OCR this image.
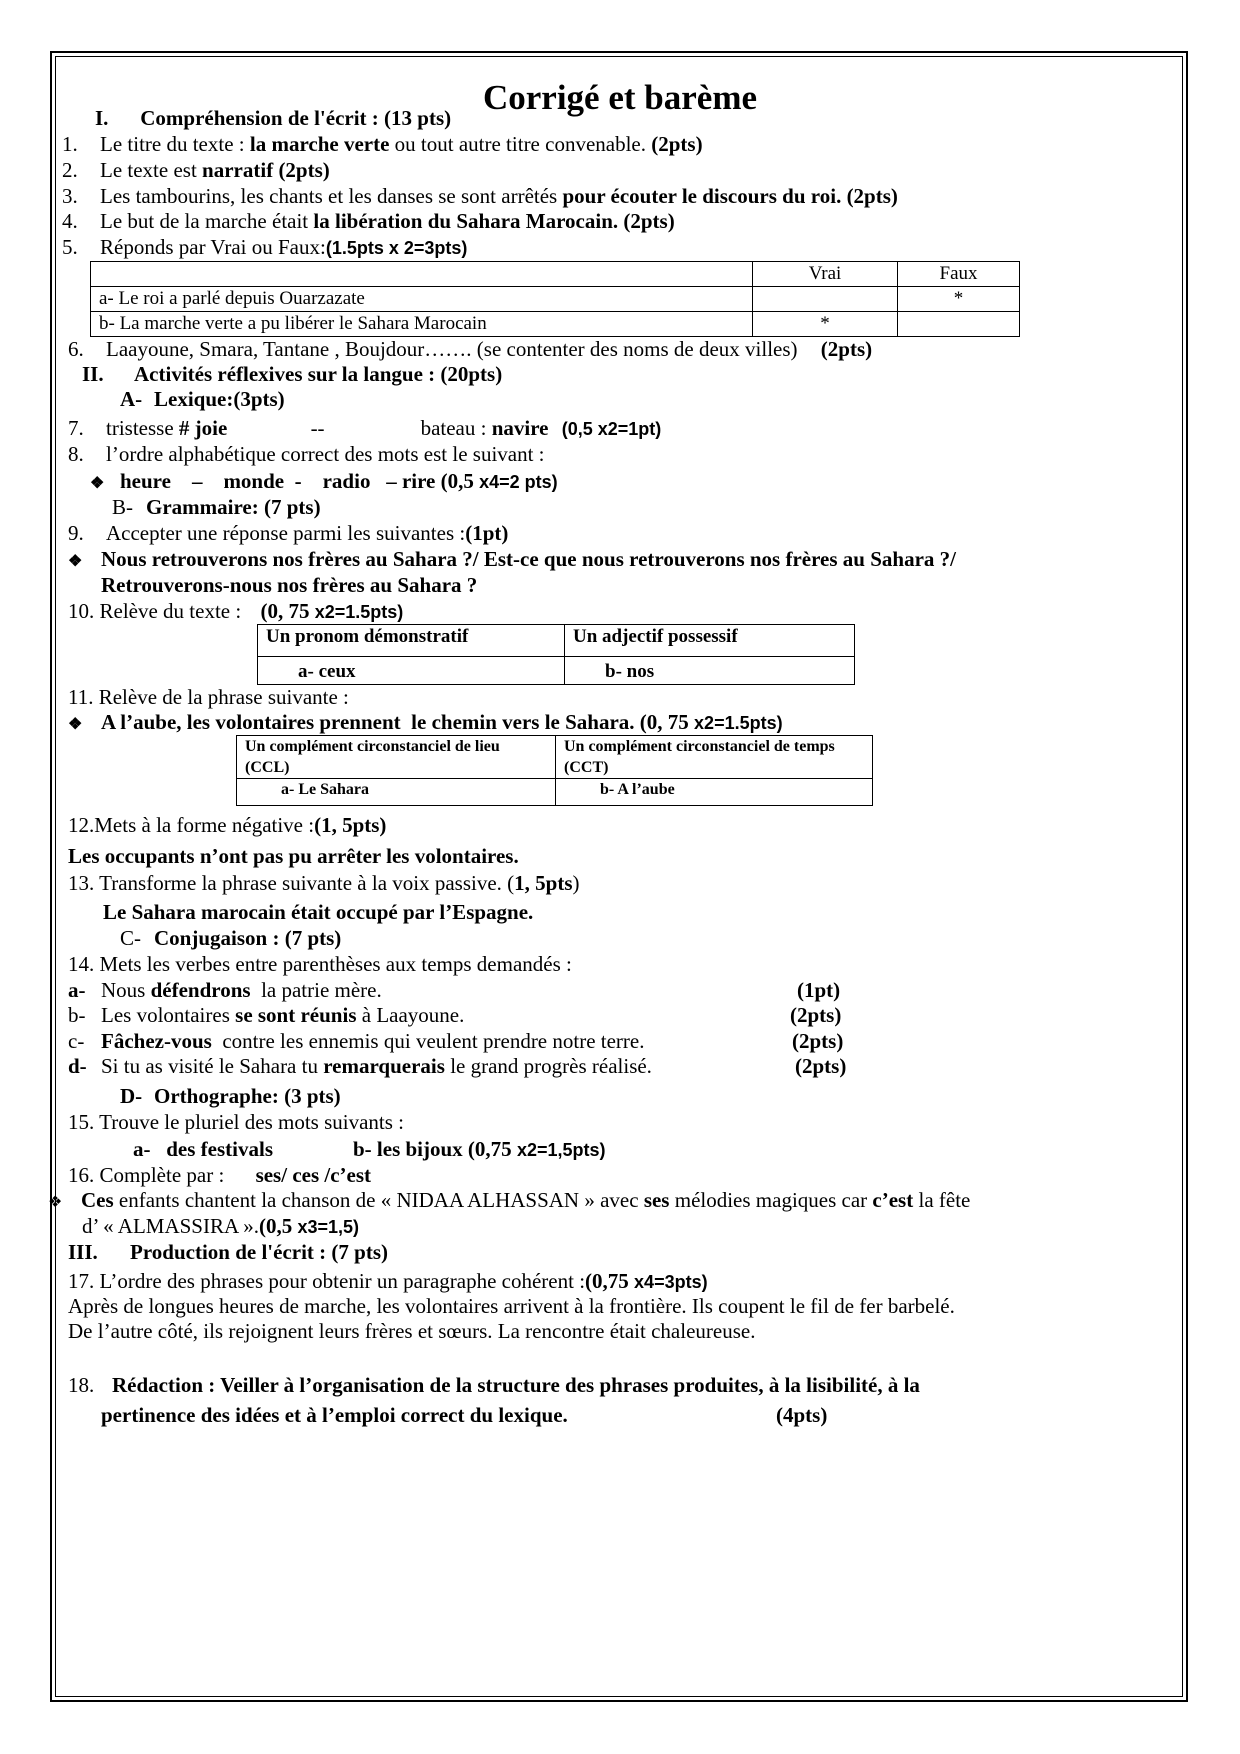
Corrigé et barème
I. Compréhension de l'écrit : (13 pts)
1. Le titre du texte : la marche verte ou tout autre titre convenable. (2pts)
2. Le texte est narratif (2pts)
3. Les tambourins, les chants et les danses se sont arrêtés pour écouter le discours du roi. (2pts)
4. Le but de la marche était la libération du Sahara Marocain. (2pts)
5. Réponds par Vrai ou Faux:(1.5pts x 2=3pts)
	Vrai	Faux
a- Le roi a parlé depuis Ouarzazate		*
b- La marche verte a pu libérer le Sahara Marocain	*	
6. Laayoune, Smara, Tantane , Boujdour……. (se contenter des noms de deux villes) (2pts)
II. Activités réflexives sur la langue : (20pts)
A- Lexique:(3pts)
7. tristesse # joie	--	bateau : navire (0,5 x2=1pt)
8. l’ordre alphabétique correct des mots est le suivant :
❖ heure    –    monde  -    radio   – rire (0,5 x4=2 pts)
B- Grammaire: (7 pts)
9. Accepter une réponse parmi les suivantes :(1pt)
❖ Nous retrouverons nos frères au Sahara ?/ Est-ce que nous retrouverons nos frères au Sahara ?/
Retrouverons-nous nos frères au Sahara ?
10. Relève du texte : (0, 75 x2=1.5pts)
Un pronom démonstratif	Un adjectif possessif
a- ceux	b- nos
11. Relève de la phrase suivante :
❖ A l’aube, les volontaires prennent  le chemin vers le Sahara. (0, 75 x2=1.5pts)
Un complément circonstanciel de lieu (CCL)	Un complément circonstanciel de temps (CCT)
a- Le Sahara	b- A l’aube
12.Mets à la forme négative :(1, 5pts)
Les occupants n’ont pas pu arrêter les volontaires.
13. Transforme la phrase suivante à la voix passive. (1, 5pts)
Le Sahara marocain était occupé par l’Espagne.
C- Conjugaison : (7 pts)
14. Mets les verbes entre parenthèses aux temps demandés :
a- Nous défendrons  la patrie mère.	(1pt)
b- Les volontaires se sont réunis à Laayoune.	(2pts)
c- Fâchez-vous  contre les ennemis qui veulent prendre notre terre.	(2pts)
d- Si tu as visité le Sahara tu remarquerais le grand progrès réalisé.	(2pts)
D- Orthographe: (3 pts)
15. Trouve le pluriel des mots suivants :
a-   des festivals	b- les bijoux (0,75 x2=1,5pts)
16. Complète par : ses/ ces /c’est
❖ Ces enfants chantent la chanson de « NIDAA ALHASSAN » avec ses mélodies magiques car c’est la fête
d’ « ALMASSIRA ».(0,5 x3=1,5)
III. Production de l'écrit : (7 pts)
17. L’ordre des phrases pour obtenir un paragraphe cohérent :(0,75 x4=3pts)
Après de longues heures de marche, les volontaires arrivent à la frontière. Ils coupent le fil de fer barbelé.
De l’autre côté, ils rejoignent leurs frères et sœurs. La rencontre était chaleureuse.
18. Rédaction : Veiller à l’organisation de la structure des phrases produites, à la lisibilité, à la
pertinence des idées et à l’emploi correct du lexique.	(4pts)
